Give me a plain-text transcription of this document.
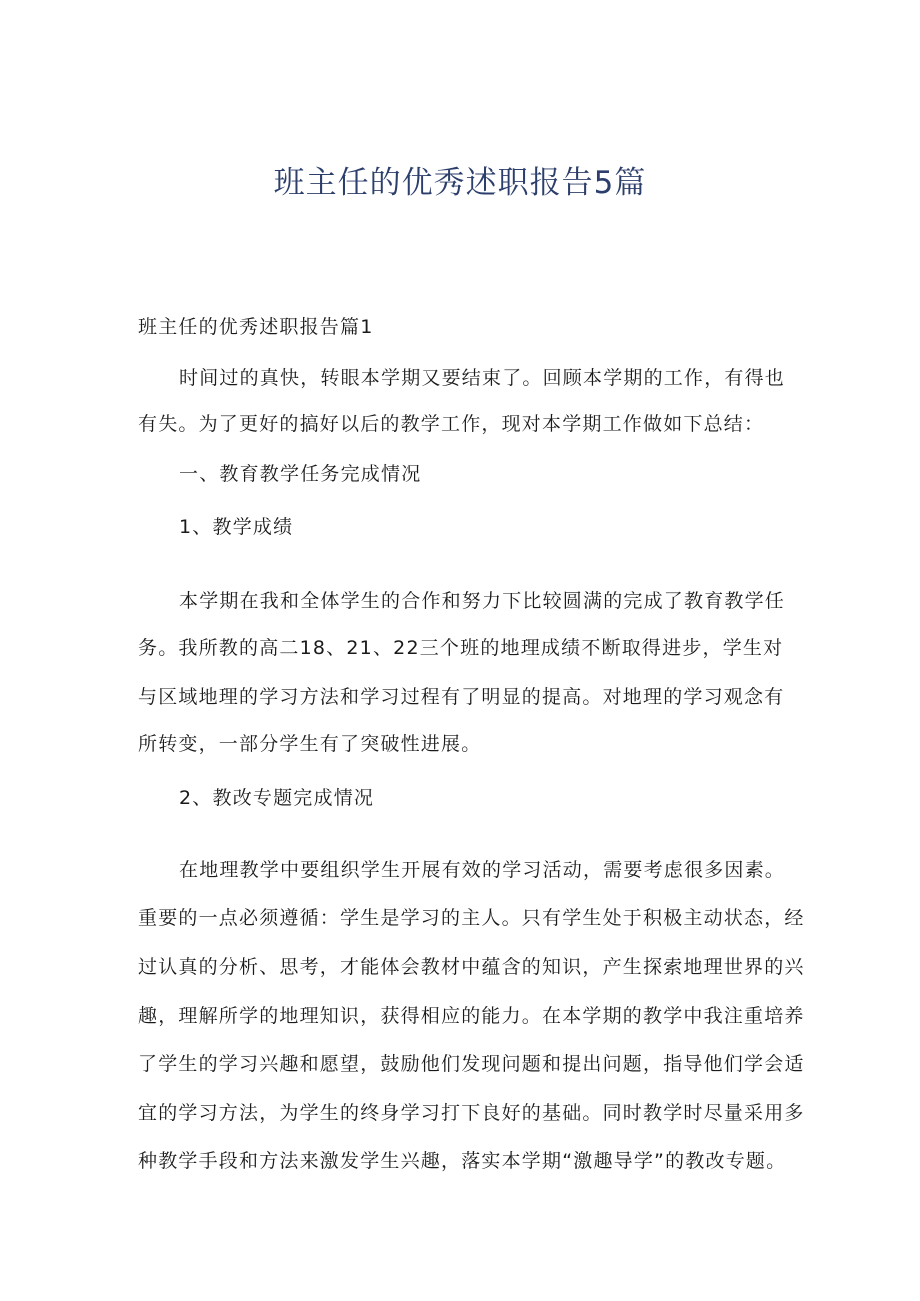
班主任的优秀述职报告5篇
班主任的优秀述职报告篇1
时间过的真快，转眼本学期又要结束了。回顾本学期的工作，有得也
有失。为了更好的搞好以后的教学工作，现对本学期工作做如下总结：
一、教育教学任务完成情况
1、教学成绩
本学期在我和全体学生的合作和努力下比较圆满的完成了教育教学任
务。我所教的高二18、21、22三个班的地理成绩不断取得进步，学生对
与区域地理的学习方法和学习过程有了明显的提高。对地理的学习观念有
所转变，一部分学生有了突破性进展。
2、教改专题完成情况
在地理教学中要组织学生开展有效的学习活动，需要考虑很多因素。
重要的一点必须遵循：学生是学习的主人。只有学生处于积极主动状态，经
过认真的分析、思考，才能体会教材中蕴含的知识，产生探索地理世界的兴
趣，理解所学的地理知识，获得相应的能力。在本学期的教学中我注重培养
了学生的学习兴趣和愿望，鼓励他们发现问题和提出问题，指导他们学会适
宜的学习方法，为学生的终身学习打下良好的基础。同时教学时尽量采用多
种教学手段和方法来激发学生兴趣，落实本学期“激趣导学”的教改专题。
